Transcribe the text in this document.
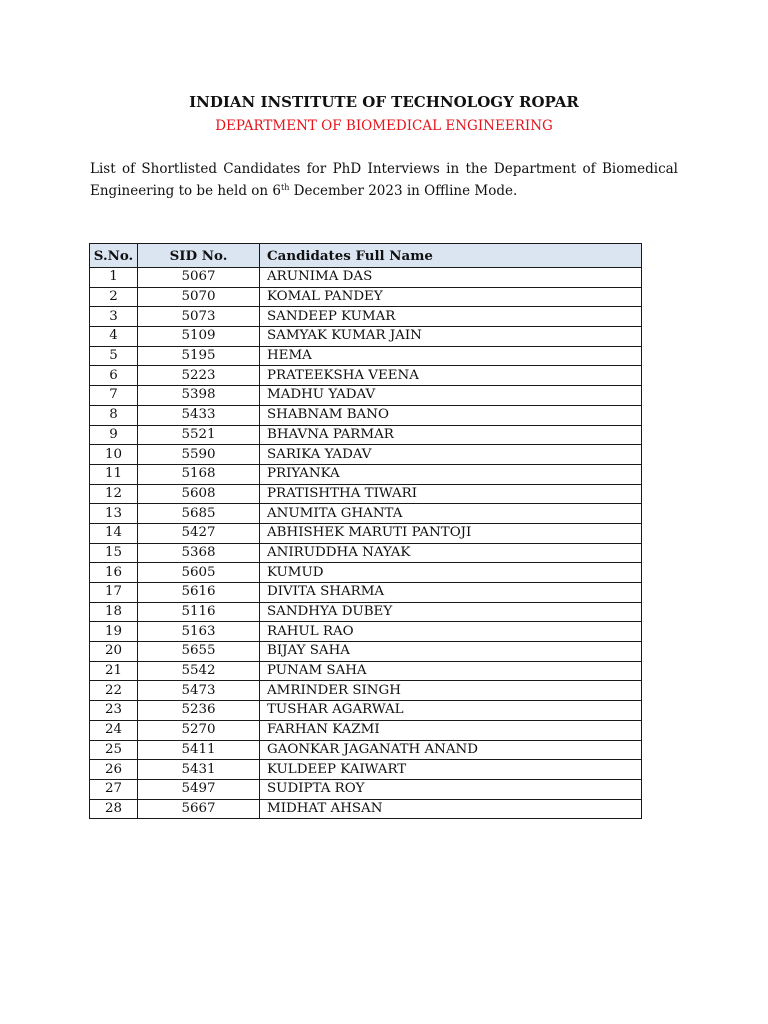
INDIAN INSTITUTE OF TECHNOLOGY ROPAR
DEPARTMENT OF BIOMEDICAL ENGINEERING
List of Shortlisted Candidates for PhD Interviews in the Department of Biomedical Engineering to be held on 6th December 2023 in Offline Mode.
S.No.	SID No.	Candidates Full Name
1	5067	ARUNIMA DAS
2	5070	KOMAL PANDEY
3	5073	SANDEEP KUMAR
4	5109	SAMYAK KUMAR JAIN
5	5195	HEMA
6	5223	PRATEEKSHA VEENA
7	5398	MADHU YADAV
8	5433	SHABNAM BANO
9	5521	BHAVNA PARMAR
10	5590	SARIKA YADAV
11	5168	PRIYANKA
12	5608	PRATISHTHA TIWARI
13	5685	ANUMITA GHANTA
14	5427	ABHISHEK MARUTI PANTOJI
15	5368	ANIRUDDHA NAYAK
16	5605	KUMUD
17	5616	DIVITA SHARMA
18	5116	SANDHYA DUBEY
19	5163	RAHUL RAO
20	5655	BIJAY SAHA
21	5542	PUNAM SAHA
22	5473	AMRINDER SINGH
23	5236	TUSHAR AGARWAL
24	5270	FARHAN KAZMI
25	5411	GAONKAR JAGANATH ANAND
26	5431	KULDEEP KAIWART
27	5497	SUDIPTA ROY
28	5667	MIDHAT AHSAN
